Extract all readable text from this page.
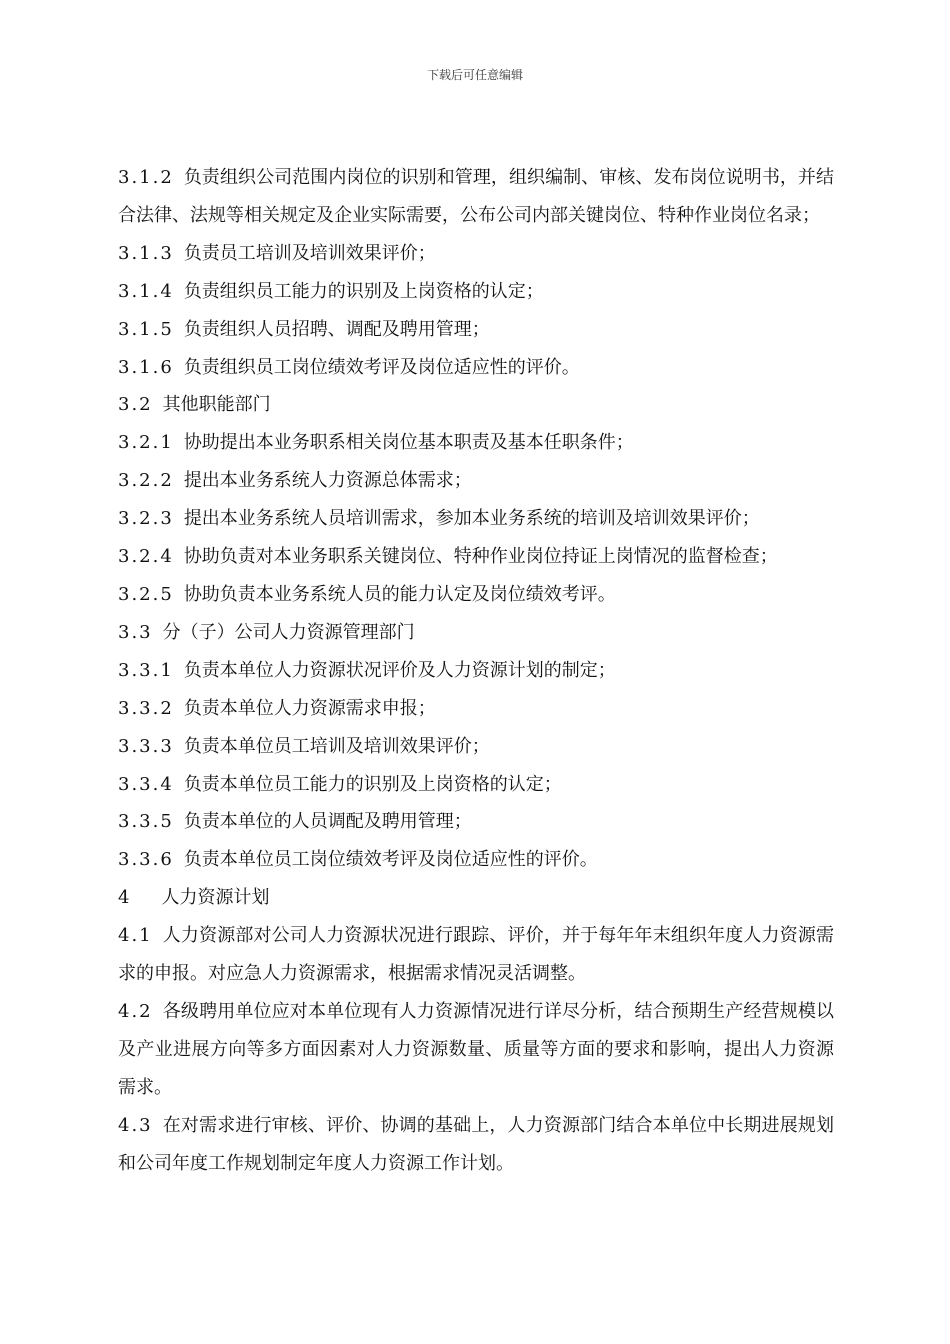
下载后可任意编辑

3.1.2 负责组织公司范围内岗位的识别和管理，组织编制、审核、发布岗位说明书，并结合法律、法规等相关规定及企业实际需要，公布公司内部关键岗位、特种作业岗位名录；

3.1.3 负责员工培训及培训效果评价；

3.1.4 负责组织员工能力的识别及上岗资格的认定；

3.1.5 负责组织人员招聘、调配及聘用管理；

3.1.6 负责组织员工岗位绩效考评及岗位适应性的评价。

3.2 其他职能部门

3.2.1 协助提出本业务职系相关岗位基本职责及基本任职条件；

3.2.2 提出本业务系统人力资源总体需求；

3.2.3 提出本业务系统人员培训需求，参加本业务系统的培训及培训效果评价；

3.2.4 协助负责对本业务职系关键岗位、特种作业岗位持证上岗情况的监督检查；

3.2.5 协助负责本业务系统人员的能力认定及岗位绩效考评。

3.3 分（子）公司人力资源管理部门

3.3.1 负责本单位人力资源状况评价及人力资源计划的制定；

3.3.2 负责本单位人力资源需求申报；

3.3.3 负责本单位员工培训及培训效果评价；

3.3.4 负责本单位员工能力的识别及上岗资格的认定；

3.3.5 负责本单位的人员调配及聘用管理；

3.3.6 负责本单位员工岗位绩效考评及岗位适应性的评价。

4 人力资源计划

4.1 人力资源部对公司人力资源状况进行跟踪、评价，并于每年年末组织年度人力资源需求的申报。对应急人力资源需求，根据需求情况灵活调整。

4.2 各级聘用单位应对本单位现有人力资源情况进行详尽分析，结合预期生产经营规模以及产业进展方向等多方面因素对人力资源数量、质量等方面的要求和影响，提出人力资源需求。

4.3 在对需求进行审核、评价、协调的基础上，人力资源部门结合本单位中长期进展规划和公司年度工作规划制定年度人力资源工作计划。
